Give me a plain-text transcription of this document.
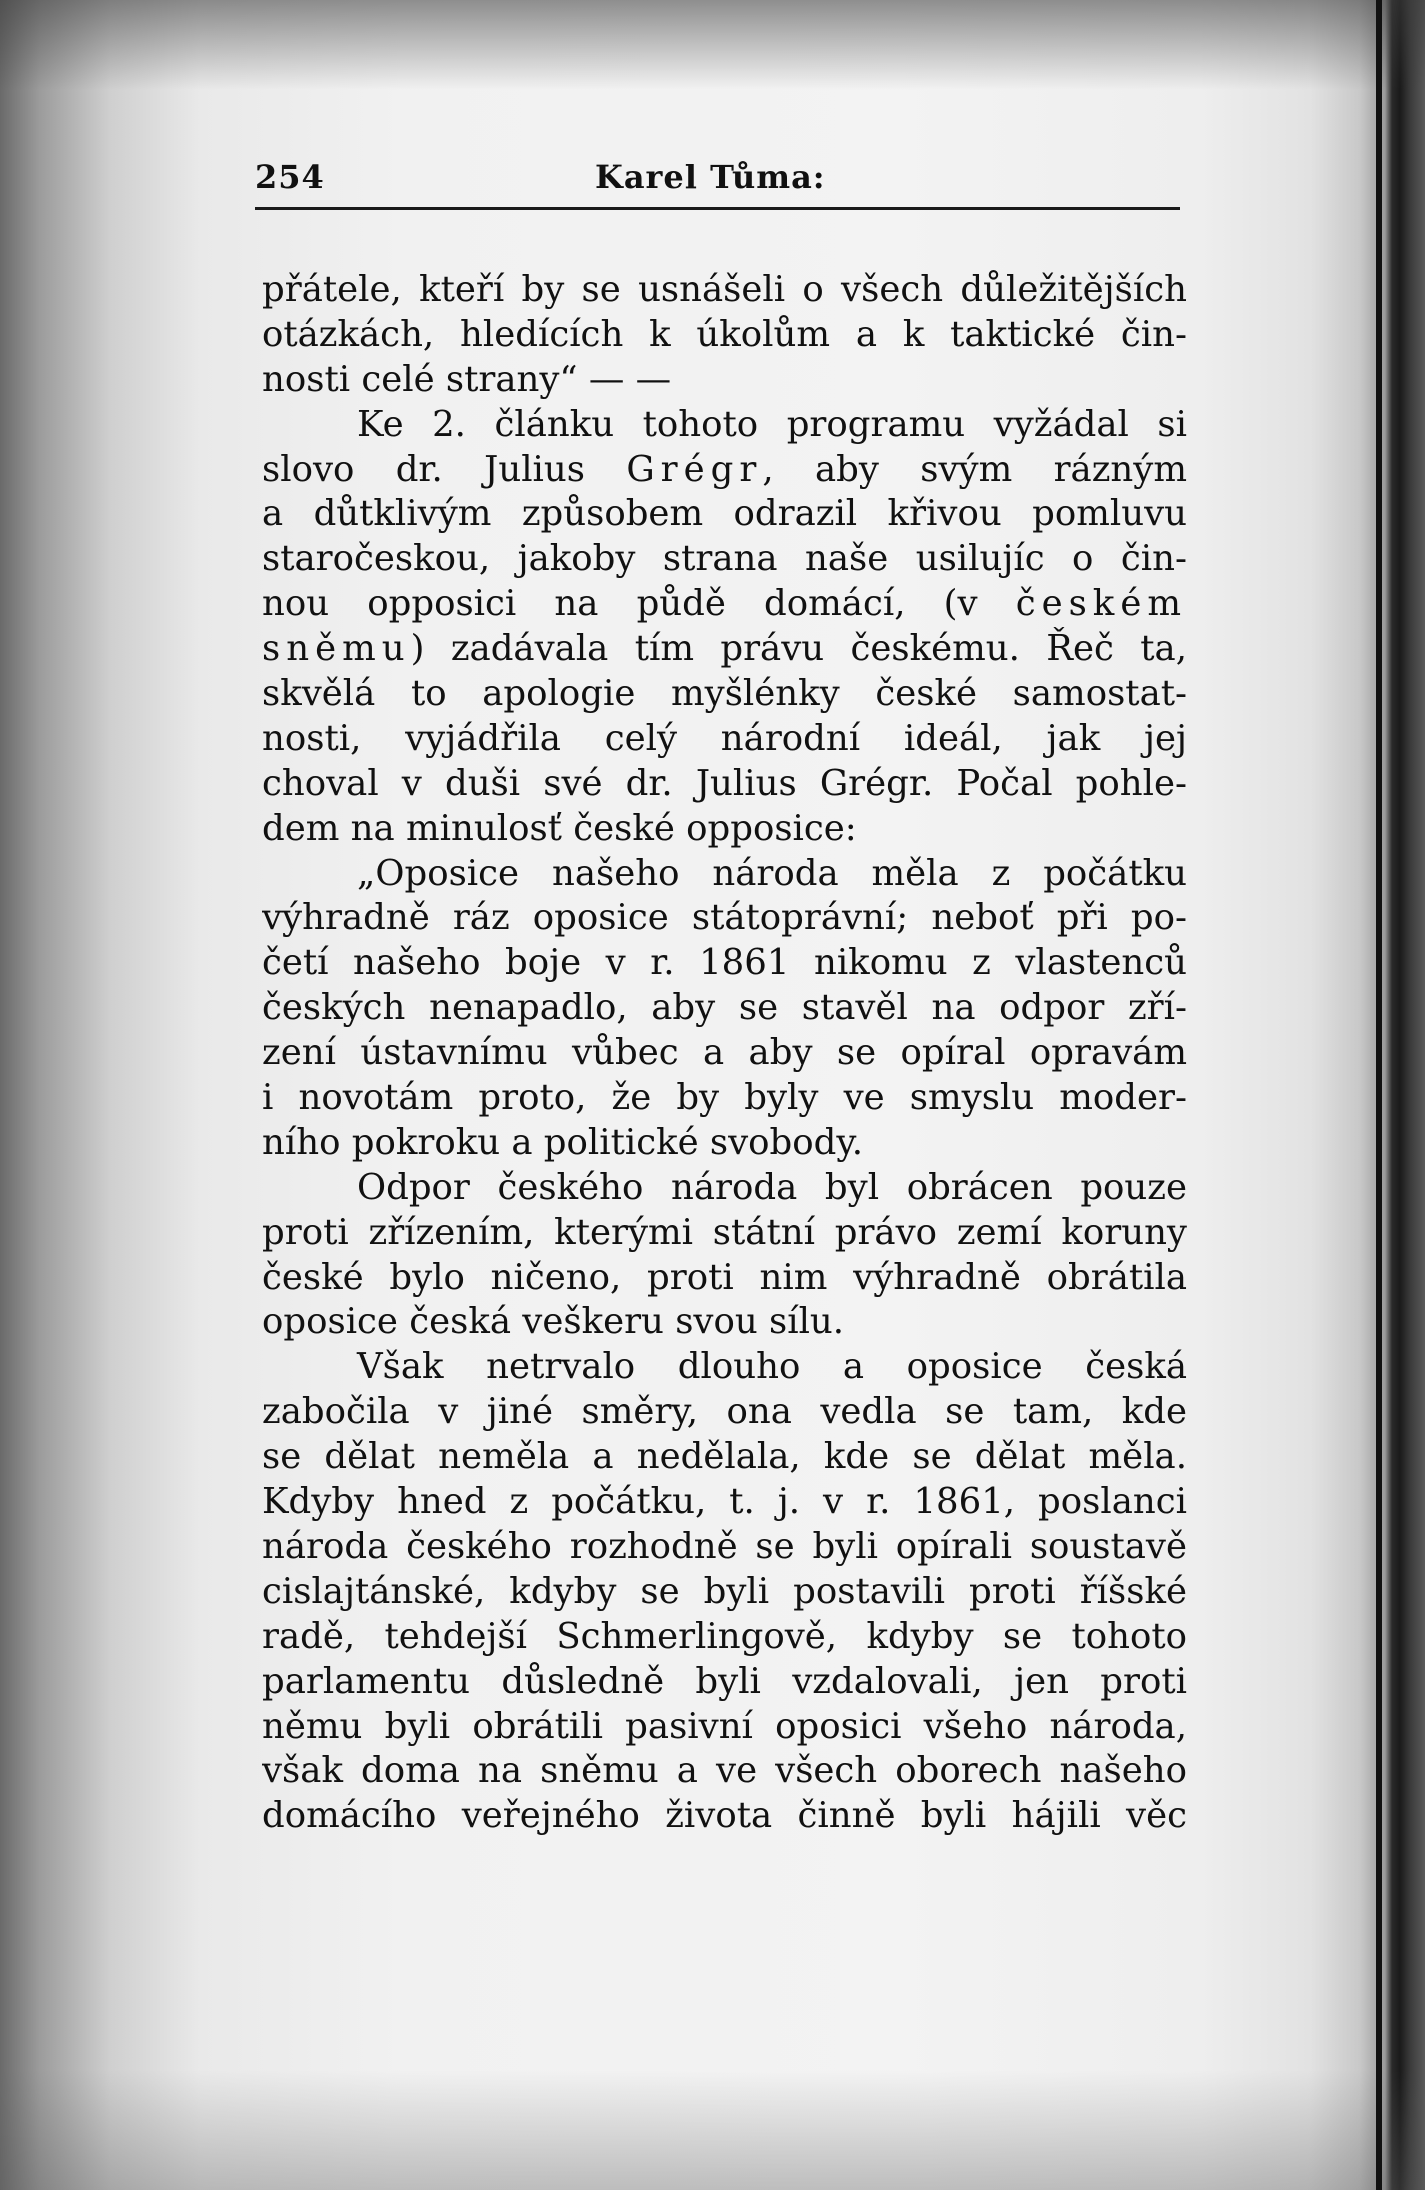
254	Karel Tůma:
přátele, kteří by se usnášeli o všech důležitějších
otázkách, hledících k úkolům a k taktické čin-
nosti celé strany“ — —
Ke 2. článku tohoto programu vyžádal si
slovo dr. Julius Grégr, aby svým rázným
a důtklivým způsobem odrazil křivou pomluvu
staročeskou, jakoby strana naše usilujíc o čin-
nou opposici na půdě domácí, (v českém
sněmu) zadávala tím právu českému. Řeč ta,
skvělá to apologie myšlénky české samostat-
nosti, vyjádřila celý národní ideál, jak jej
choval v duši své dr. Julius Grégr. Počal pohle-
dem na minulosť české opposice:
„Oposice našeho národa měla z počátku
výhradně ráz oposice státoprávní; neboť při po-
četí našeho boje v r. 1861 nikomu z vlastenců
českých nenapadlo, aby se stavěl na odpor zří-
zení ústavnímu vůbec a aby se opíral opravám
i novotám proto, že by byly ve smyslu moder-
ního pokroku a politické svobody.
Odpor českého národa byl obrácen pouze
proti zřízením, kterými státní právo zemí koruny
české bylo ničeno, proti nim výhradně obrátila
oposice česká veškeru svou sílu.
Však netrvalo dlouho a oposice česká
zabočila v jiné směry, ona vedla se tam, kde
se dělat neměla a nedělala, kde se dělat měla.
Kdyby hned z počátku, t. j. v r. 1861, poslanci
národa českého rozhodně se byli opírali soustavě
cislajtánské, kdyby se byli postavili proti říšské
radě, tehdejší Schmerlingově, kdyby se tohoto
parlamentu důsledně byli vzdalovali, jen proti
němu byli obrátili pasivní oposici všeho národa,
však doma na sněmu a ve všech oborech našeho
domácího veřejného života činně byli hájili věc
